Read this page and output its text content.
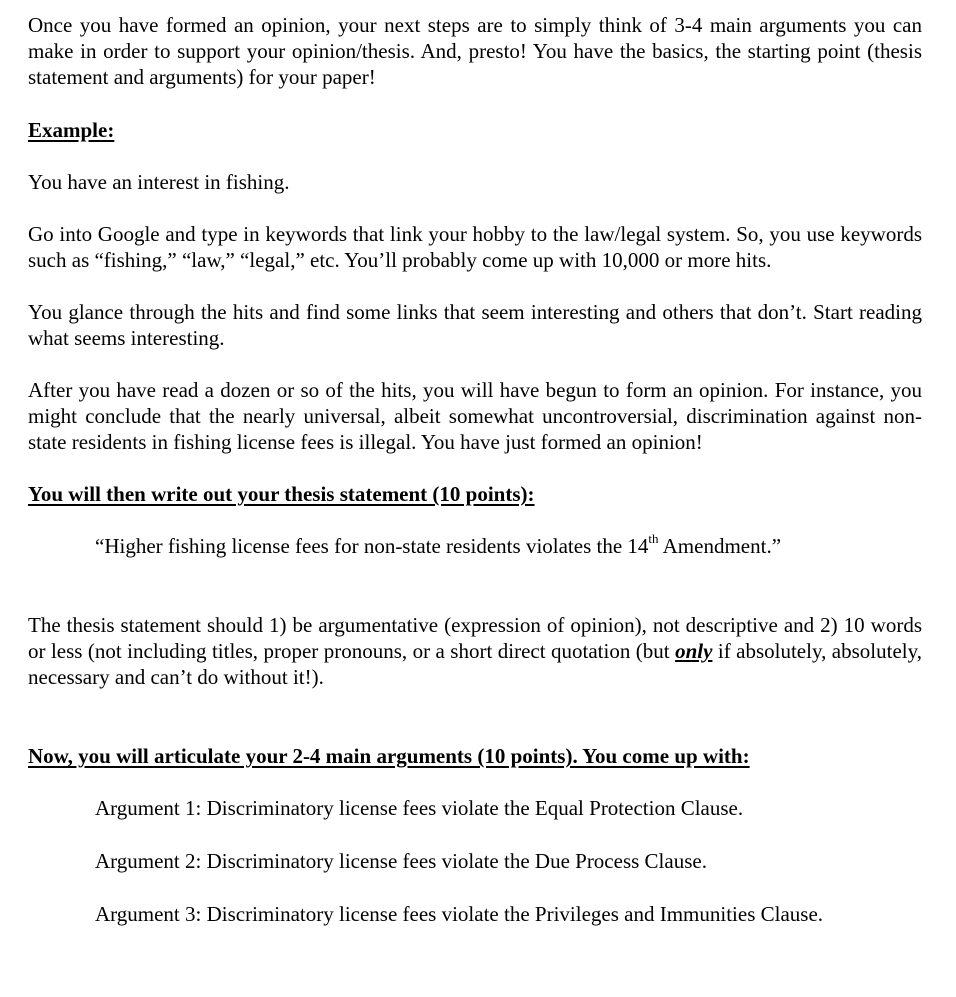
Once you have formed an opinion, your next steps are to simply think of 3-4 main arguments you can make in order to support your opinion/thesis. And, presto! You have the basics, the starting point (thesis statement and arguments) for your paper!

Example:

You have an interest in fishing.

Go into Google and type in keywords that link your hobby to the law/legal system. So, you use keywords such as “fishing,” “law,” “legal,” etc. You’ll probably come up with 10,000 or more hits.

You glance through the hits and find some links that seem interesting and others that don’t. Start reading what seems interesting.

After you have read a dozen or so of the hits, you will have begun to form an opinion. For instance, you might conclude that the nearly universal, albeit somewhat uncontroversial, discrimination against non-state residents in fishing license fees is illegal. You have just formed an opinion!

You will then write out your thesis statement (10 points):

“Higher fishing license fees for non-state residents violates the 14th Amendment.”

The thesis statement should 1) be argumentative (expression of opinion), not descriptive and 2) 10 words or less (not including titles, proper pronouns, or a short direct quotation (but only if absolutely, absolutely, necessary and can’t do without it!).

Now, you will articulate your 2-4 main arguments (10 points). You come up with:

Argument 1: Discriminatory license fees violate the Equal Protection Clause.

Argument 2: Discriminatory license fees violate the Due Process Clause.

Argument 3: Discriminatory license fees violate the Privileges and Immunities Clause.
